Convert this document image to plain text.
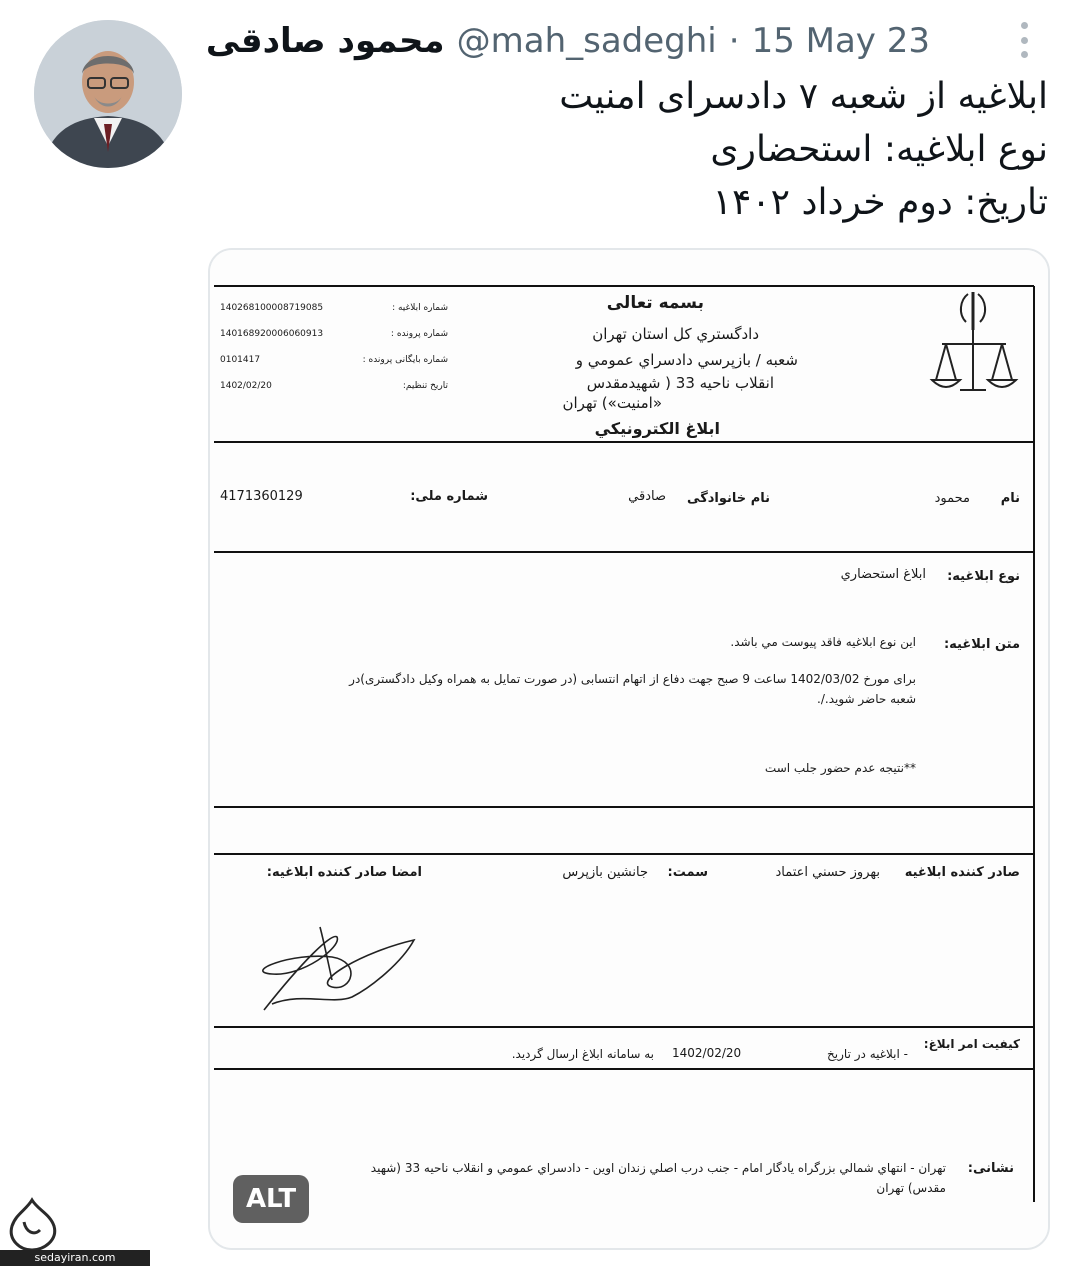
محمود صادقی @mah_sadeghi · 15 May 23
ابلاغیه از شعبه ۷ دادسرای امنیت
نوع ابلاغیه: استحضاری
تاریخ: دوم خرداد ۱۴۰۲
شماره ابلاغیه :
شماره پرونده :
شماره بایگانی پرونده :
تاریخ تنظیم:
140268100008719085
140168920006060913
0101417
1402/02/20
بسمه تعالی
دادگستري كل استان تهران
شعبه / بازپرسي دادسراي عمومي و
انقلاب ناحيه 33 ( شهیدمقدس
«امنیت») تهران
ابلاغ الكترونیكي
نام
محمود
نام خانوادگی
صادقي
شماره ملی:
4171360129
نوع ابلاغیه:
ابلاغ استحضاري
متن ابلاغیه:
اين نوع ابلاغيه فاقد پيوست مي باشد.
برای مورخ 1402/03/02 ساعت 9 صبح جهت دفاع از اتهام انتسابی (در صورت تمایل به همراه وکیل دادگستری)در
شعبه حاضر شوید./.
**نتیجه عدم حضور جلب است
صادر كننده ابلاغیه
بهروز حسني اعتماد
سمت:
جانشين بازپرس
امضا صادر كننده ابلاغیه:
كیفیت امر ابلاغ:
- ابلاغیه در تاریخ
به سامانه ابلاغ ارسال گردید. 1402/02/20
نشانی:
تهران - انتهاي شمالي بزرگراه يادگار امام - جنب درب اصلي زندان اوين - دادسراي عمومي و انقلاب ناحيه 33 (شهيد
مقدس) تهران
ALT
sedayiran.com
